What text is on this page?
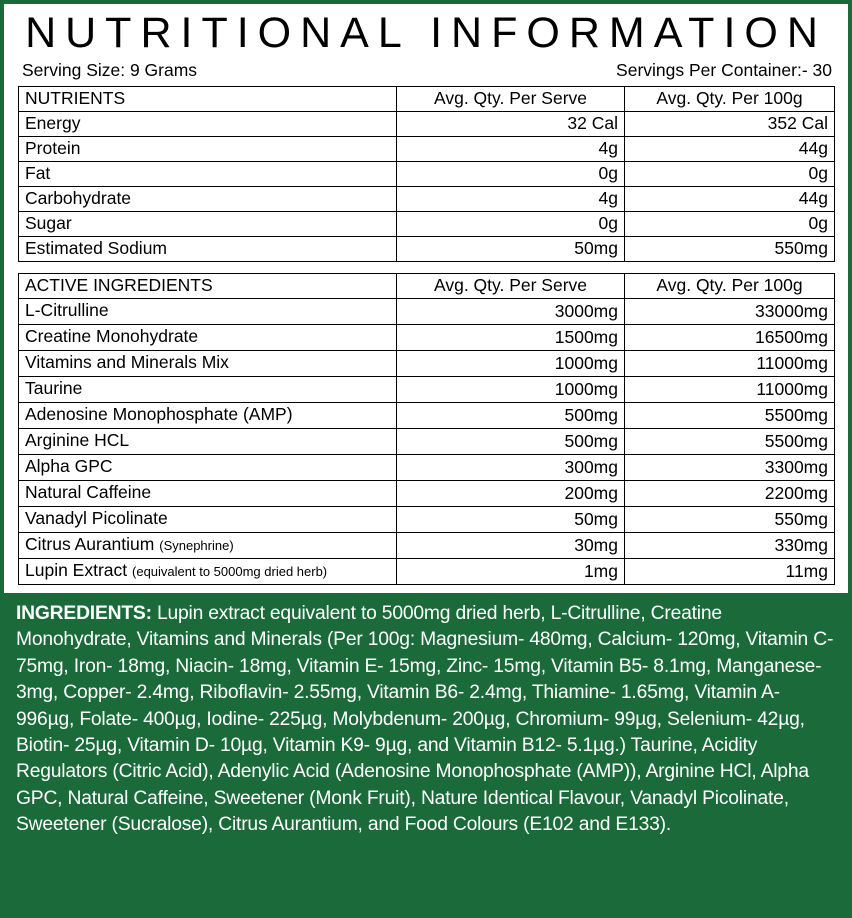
NUTRITIONAL INFORMATION
Serving Size: 9 Grams	Servings Per Container:- 30
NUTRIENTS	Avg. Qty. Per Serve	Avg. Qty. Per 100g
Energy	32 Cal	352 Cal
Protein	4g	44g
Fat	0g	0g
Carbohydrate	4g	44g
Sugar	0g	0g
Estimated Sodium	50mg	550mg
ACTIVE INGREDIENTS	Avg. Qty. Per Serve	Avg. Qty. Per 100g
L-Citrulline	3000mg	33000mg
Creatine Monohydrate	1500mg	16500mg
Vitamins and Minerals Mix	1000mg	11000mg
Taurine	1000mg	11000mg
Adenosine Monophosphate (AMP)	500mg	5500mg
Arginine HCL	500mg	5500mg
Alpha GPC	300mg	3300mg
Natural Caffeine	200mg	2200mg
Vanadyl Picolinate	50mg	550mg
Citrus Aurantium (Synephrine)	30mg	330mg
Lupin Extract (equivalent to 5000mg dried herb)	1mg	11mg

INGREDIENTS: Lupin extract equivalent to 5000mg dried herb, L-Citrulline, Creatine Monohydrate, Vitamins and Minerals (Per 100g: Magnesium- 480mg, Calcium- 120mg, Vitamin C- 75mg, Iron- 18mg, Niacin- 18mg, Vitamin E- 15mg, Zinc- 15mg, Vitamin B5- 8.1mg, Manganese- 3mg, Copper- 2.4mg, Riboflavin- 2.55mg, Vitamin B6- 2.4mg, Thiamine- 1.65mg, Vitamin A- 996µg, Folate- 400µg, Iodine- 225µg, Molybdenum- 200µg, Chromium- 99µg, Selenium- 42µg, Biotin- 25µg, Vitamin D- 10µg, Vitamin K9- 9µg, and Vitamin B12- 5.1µg.) Taurine, Acidity Regulators (Citric Acid), Adenylic Acid (Adenosine Monophosphate (AMP)), Arginine HCl, Alpha GPC, Natural Caffeine, Sweetener (Monk Fruit), Nature Identical Flavour, Vanadyl Picolinate, Sweetener (Sucralose), Citrus Aurantium, and Food Colours (E102 and E133).
